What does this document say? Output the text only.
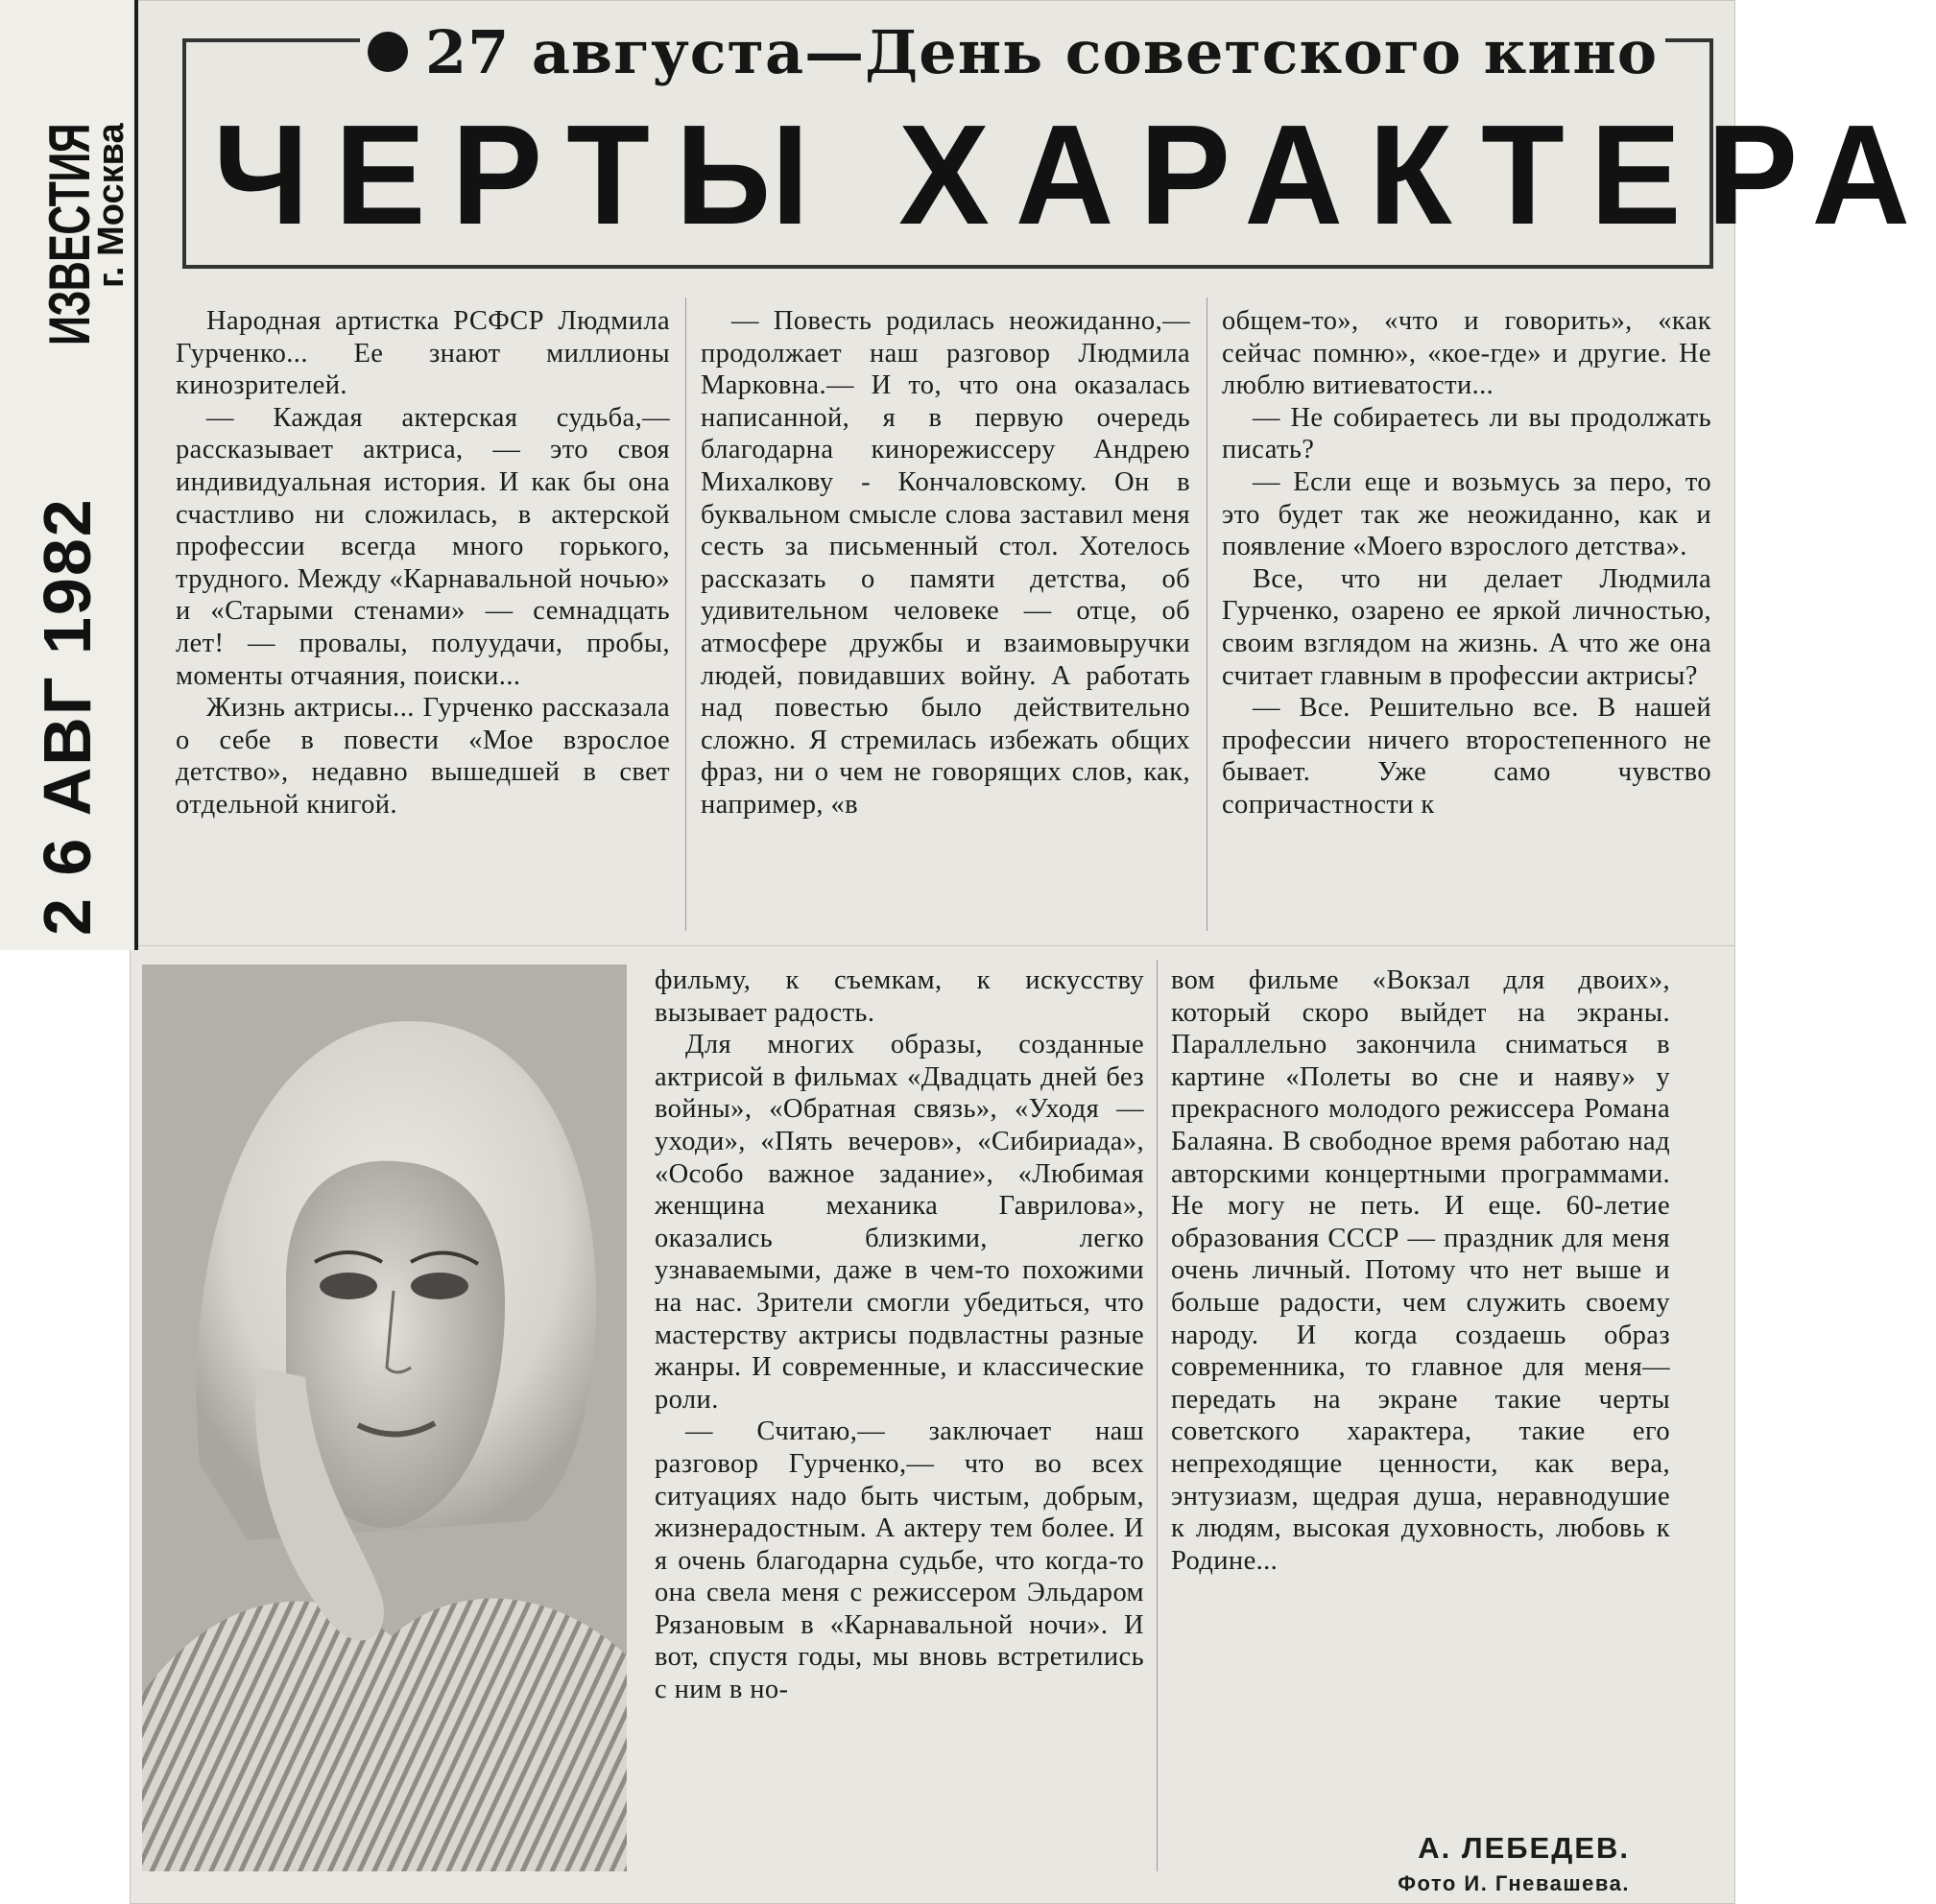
ИЗВЕСТИЯ
г. Москва
2 6 АВГ 1982
27 августа—День советского кино
ЧЕРТЫ ХАРАКТЕРА

Народная артистка РСФСР Людмила Гурченко... Ее знают миллионы кинозрителей.

— Каждая актерская судьба,—рассказывает актриса, — это своя индивидуальная история. И как бы она счастливо ни сложилась, в актерской профессии всегда много горького, трудного. Между «Карнавальной ночью» и «Старыми стенами» — семнадцать лет! — провалы, полуудачи, пробы, моменты отчаяния, поиски...

Жизнь актрисы... Гурченко рассказала о себе в повести «Мое взрослое детство», недавно вышедшей в свет отдельной книгой.

— Повесть родилась неожиданно,— продолжает наш разговор Людмила Марковна.— И то, что она оказалась написанной, я в первую очередь благодарна кинорежиссеру Андрею Михалкову - Кончаловскому. Он в буквальном смысле слова заставил меня сесть за письменный стол. Хотелось рассказать о памяти детства, об удивительном человеке — отце, об атмосфере дружбы и взаимовыручки людей, повидавших войну. А работать над повестью было действительно сложно. Я стремилась избежать общих фраз, ни о чем не говорящих слов, как, например, «в

общем-то», «что и говорить», «как сейчас помню», «кое-где» и другие. Не люблю витиеватости...

— Не собираетесь ли вы продолжать писать?

— Если еще и возьмусь за перо, то это будет так же неожиданно, как и появление «Моего взрослого детства».

Все, что ни делает Людмила Гурченко, озарено ее яркой личностью, своим взглядом на жизнь. А что же она считает главным в профессии актрисы?

— Все. Решительно все. В нашей профессии ничего второстепенного не бывает. Уже само чувство сопричастности к

фильму, к съемкам, к искусству вызывает радость.

Для многих образы, созданные актрисой в фильмах «Двадцать дней без войны», «Обратная связь», «Уходя — уходи», «Пять вечеров», «Сибириада», «Особо важное задание», «Любимая женщина механика Гаврилова», оказались близкими, легко узнаваемыми, даже в чем-то похожими на нас. Зрители смогли убедиться, что мастерству актрисы подвластны разные жанры. И современные, и классические роли.

— Считаю,— заключает наш разговор Гурченко,— что во всех ситуациях надо быть чистым, добрым, жизнерадостным. А актеру тем более. И я очень благодарна судьбе, что когда-то она свела меня с режиссером Эльдаром Рязановым в «Карнавальной ночи». И вот, спустя годы, мы вновь встретились с ним в но-

вом фильме «Вокзал для двоих», который скоро выйдет на экраны. Параллельно закончила сниматься в картине «Полеты во сне и наяву» у прекрасного молодого режиссера Романа Балаяна. В свободное время работаю над авторскими концертными программами. Не могу не петь. И еще. 60-летие образования СССР — праздник для меня очень личный. Потому что нет выше и больше радости, чем служить своему народу. И когда создаешь образ современника, то главное для меня—передать на экране такие черты советского характера, такие его непреходящие ценности, как вера, энтузиазм, щедрая душа, неравнодушие к людям, высокая духовность, любовь к Родине...

А. ЛЕБЕДЕВ.
Фото И. Гневашева.
